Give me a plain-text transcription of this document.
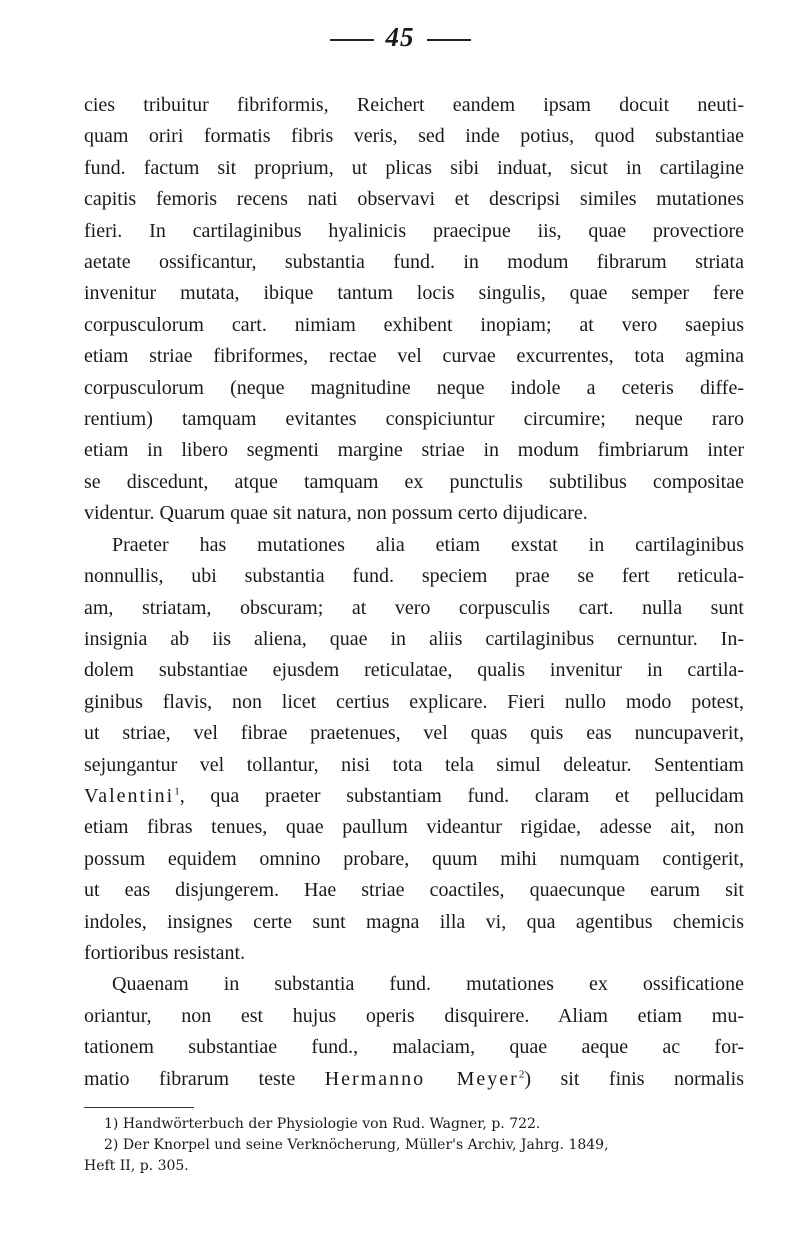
45
cies tribuitur fibriformis, Reichert eandem ipsam docuit neuti-
quam oriri formatis fibris veris, sed inde potius, quod substantiae
fund. factum sit proprium, ut plicas sibi induat, sicut in cartilagine
capitis femoris recens nati observavi et descripsi similes mutationes
fieri. In cartilaginibus hyalinicis praecipue iis, quae provectiore
aetate ossificantur, substantia fund. in modum fibrarum striata
invenitur mutata, ibique tantum locis singulis, quae semper fere
corpusculorum cart. nimiam exhibent inopiam; at vero saepius
etiam striae fibriformes, rectae vel curvae excurrentes, tota agmina
corpusculorum (neque magnitudine neque indole a ceteris diffe-
rentium) tamquam evitantes conspiciuntur circumire; neque raro
etiam in libero segmenti margine striae in modum fimbriarum inter
se discedunt, atque tamquam ex punctulis subtilibus compositae
videntur. Quarum quae sit natura, non possum certo dijudicare.
Praeter has mutationes alia etiam exstat in cartilaginibus
nonnullis, ubi substantia fund. speciem prae se fert reticula-
am, striatam, obscuram; at vero corpusculis cart. nulla sunt
insignia ab iis aliena, quae in aliis cartilaginibus cernuntur. In-
dolem substantiae ejusdem reticulatae, qualis invenitur in cartila-
ginibus flavis, non licet certius explicare. Fieri nullo modo potest,
ut striae, vel fibrae praetenues, vel quas quis eas nuncupaverit,
sejungantur vel tollantur, nisi tota tela simul deleatur. Sententiam
Valentini$^1$, qua praeter substantiam fund. claram et pellucidam
etiam fibras tenues, quae paullum videantur rigidae, adesse ait, non
possum equidem omnino probare, quum mihi numquam contigerit,
ut eas disjungerem. Hae striae coactiles, quaecunque earum sit
indoles, insignes certe sunt magna illa vi, qua agentibus chemicis
fortioribus resistant.
Quaenam in substantia fund. mutationes ex ossificatione
oriantur, non est hujus operis disquirere. Aliam etiam mu-
tationem substantiae fund., malaciam, quae aeque ac for-
matio fibrarum teste Hermanno Meyer$^2$) sit finis normalis
1) Handwörterbuch der Physiologie von Rud. Wagner, p. 722.
2) Der Knorpel und seine Verknöcherung, Müller's Archiv, Jahrg. 1849,
Heft II, p. 305.
